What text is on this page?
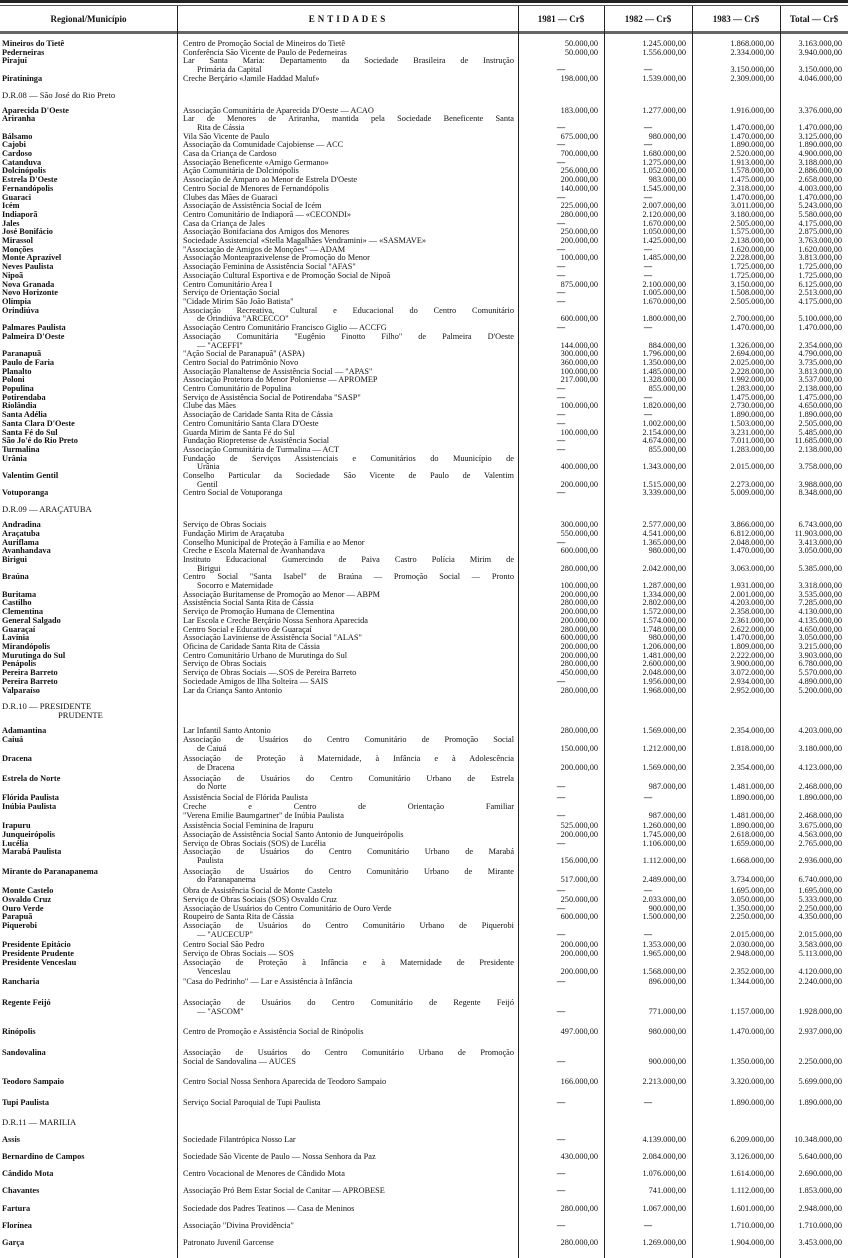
Regional/Município	ENTIDADES	1981 — Cr$	1982 — Cr$	1983 — Cr$	Total — Cr$
Mineiros do Tietê	Centro de Promoção Social de Mineiros do Tietê	50.000,00	1.245.000,00	1.868.000,00	3.163.000,00
Pederneiras	Conferência São Vicente de Paulo de Pederneiras	50.000,00	1.556.000,00	2.334.000,00	3.940.000,00
Pirajuí	Lar Santa Maria: Departamento da Sociedade Brasileira de Instrução
Primária da Capital	—	—	3.150.000,00	3.150.000,00
Piratininga	Creche Berçário «Jamile Haddad Maluf»	198.000,00	1.539.000,00	2.309.000,00	4.046.000,00
D.R.08 — São José do Rio Preto
Aparecida D'Oeste	Associação Comunitária de Aparecida D'Oeste — ACAO	183.000,00	1.277.000,00	1.916.000,00	3.376.000,00
Ariranha	Lar de Menores de Ariranha, mantida pela Sociedade Beneficente Santa
Rita de Cássia	—	—	1.470.000,00	1.470.000,00
Bálsamo	Vila São Vicente de Paulo	675.000,00	980.000,00	1.470.000,00	3.125.000,00
Cajobi	Associação da Comunidade Cajobiense — ACC	—	—	1.890.000,00	1.890.000,00
Cardoso	Casa da Criança de Cardoso	700.000,00	1.680.000,00	2.520.000,00	4.900.000,00
Catanduva	Associação Beneficente «Amigo Germano»	—	1.275.000,00	1.913.000,00	3.188.000,00
Dolcinópolis	Ação Comunitária de Dolcinópolis	256.000,00	1.052.000,00	1.578.000,00	2.886.000,00
Estrela D'Oeste	Associação de Amparo ao Menor de Estrela D'Oeste	200.000,00	983.000,00	1.475.000,00	2.658.000,00
Fernandópolis	Centro Social de Menores de Fernandópolis	140.000,00	1.545.000,00	2.318.000,00	4.003.000,00
Guaraci	Clubes das Mães de Guaraci	—	—	1.470.000,00	1.470.000,00
Icém	Associação de Assistência Social de Icém	225.000,00	2.007.000,00	3.011.000,00	5.243.000,00
Indiaporã	Centro Comunitário de Indiaporã — «CECONDI»	280.000,00	2.120.000,00	3.180.000,00	5.580.000,00
Jales	Casa da Criança de Jales	—	1.670.000,00	2.505.000,00	4.175.000,00
José Bonifácio	Associação Bonifaciana dos Amigos dos Menores	250.000,00	1.050.000,00	1.575.000,00	2.875.000,00
Mirassol	Sociedade Assistencial «Stella Magalhães Vendramini» — «SASMAVE»	200.000,00	1.425.000,00	2.138.000,00	3.763.000,00
Monções	"Associação de Amigos de Monções" — ADAM	—	—	1.620.000,00	1.620.000,00
Monte Aprazível	Associação Monteaprazivelense de Promoção do Menor	100.000,00	1.485.000,00	2.228.000,00	3.813.000,00
Neves Paulista	Associação Feminina de Assistência Social "AFAS"	—	—	1.725.000,00	1.725.000,00
Nipoã	Associação Cultural Esportiva e de Promoção Social de Nipoã	—	—	1.725.000,00	1.725.000,00
Nova Granada	Centro Comunitário Area I	875.000,00	2.100.000,00	3.150.000,00	6.125.000,00
Novo Horizonte	Serviço de Orientação Social	—	1.005.000,00	1.508.000,00	2.513.000,00
Olímpia	"Cidade Mirim São João Batista"	—	1.670.000,00	2.505.000,00	4.175.000,00
Orindiúva	Associação Recreativa, Cultural e Educacional do Centro Comunitário
de Orindiúva "ARCECCO"	600.000,00	1.800.000,00	2.700.000,00	5.100.000,00
Palmares Paulista	Associação Centro Comunitário Francisco Giglio — ACCFG	—	—	1.470.000,00	1.470.000,00
Palmeira D'Oeste	Associação Comunitária "Eugênio Finotto Filho" de Palmeira D'Oeste
— "ACEFFI"	144.000,00	884.000,00	1.326.000,00	2.354.000,00
Paranapuã	"Ação Social de Paranapuã" (ASPA)	300.000,00	1.796.000,00	2.694.000,00	4.790.000,00
Paulo de Faria	Centro Social do Patrimônio Novo	360.000,00	1.350.000,00	2.025.000,00	3.735.000,00
Planalto	Associação Planaltense de Assistência Social — "APAS"	100.000,00	1.485.000,00	2.228.000,00	3.813.000,00
Poloni	Associação Protetora do Menor Poloniense — APROMEP	217.000,00	1.328.000,00	1.992.000,00	3.537.000,00
Populina	Centro Comunitário de Populina	—	855.000,00	1.283.000,00	2.138.000,00
Potirendaba	Serviço de Assistência Social de Potirendaba "SASP"	—	—	1.475.000,00	1.475.000,00
Riolândia	Clube das Mães	100.000,00	1.820.000,00	2.730.000,00	4.650.000,00
Santa Adélia	Associação de Caridade Santa Rita de Cássia	—	—	1.890.000,00	1.890.000,00
Santa Clara D'Oeste	Centro Comunitário Santa Clara D'Oeste	—	1.002.000,00	1.503.000,00	2.505.000,00
Santa Fé do Sul	Guarda Mirim de Santa Fé do Sul	100.000,00	2.154.000,00	3.231.000,00	5.485.000,00
São Jo'é do Rio Preto	Fundação Riopretense de Assistência Social	—	4.674.000,00	7.011.000,00	11.685.000,00
Turmalina	Associação Comunitária de Turmalina — ACT	—	855.000,00	1.283.000,00	2.138.000,00
Urânia	Fundação de Serviços Assistenciais e Comunitários do Muunicípio de
Urânia	400.000,00	1.343.000,00	2.015.000,00	3.758.000,00
Valentim Gentil	Conselho Particular da Sociedade São Vicente de Paulo de Valentim
Gentil	200.000,00	1.515.000,00	2.273.000,00	3.988.000,00
Votuporanga	Centro Social de Votuporanga	—	3.339.000,00	5.009.000,00	8.348.000,00
D.R.09 — ARAÇATUBA
Andradina	Serviço de Obras Sociais	300.000,00	2.577.000,00	3.866.000,00	6.743.000,00
Araçatuba	Fundação Mirim de Araçatuba	550.000,00	4.541.000,00	6.812.000,00	11.903.000,00
Auriflama	Conselho Municipal de Proteção à Família e ao Menor	—	1.365.000,00	2.048.000,00	3.413.000,00
Avanhandava	Creche e Escola Maternal de Avanhandava	600.000,00	980.000,00	1.470.000,00	3.050.000,00
Birigui	Instituto Educacional Gumercindo de Paiva Castro Polícia Mirim de
Birigui	280.000,00	2.042.000,00	3.063.000,00	5.385.000,00
Braúna	Centro Social "Santa Isabel" de Braúna — Promoção Social — Pronto
Socorro e Maternidade	100.000,00	1.287.000,00	1.931.000,00	3.318.000,00
Buritama	Associação Buritamense de Promoção ao Menor — ABPM	200.000,00	1.334.000,00	2.001.000,00	3.535.000,00
Castilho	Assistência Social Santa Rita de Cássia	280.000,00	2.802.000,00	4.203.000,00	7.285.000,00
Clementina	Serviço de Promoção Humana de Clementina	200.000,00	1.572.000,00	2.358.000,00	4.130.000,00
General Salgado	Lar Escola e Creche Berçário Nossa Senhora Aparecida	200.000,00	1.574.000,00	2.361.000,00	4.135.000,00
Guaraçaí	Centro Social e Educativo de Guaraçaí	280.000,00	1.748.000,00	2.622.000,00	4.650.000,00
Lavínia	Associação Laviniense de Assistência Social "ALAS"	600.000,00	980.000,00	1.470.000,00	3.050.000,00
Mirandópolis	Oficina de Caridade Santa Rita de Cássia	200.000,00	1.206.000,00	1.809.000,00	3.215.000,00
Murutinga do Sul	Centro Comunitário Urbano de Murutinga do Sul	200.000,00	1.481.000,00	2.222.000,00	3.903.000,00
Penápolis	Serviço de Obras Sociais	280.000,00	2.600.000,00	3.900.000,00	6.780.000,00
Pereira Barreto	Serviço de Obras Sociais —.SOS de Pereira Barreto	450.000,00	2.048.000,00	3.072.000,00	5.570.000,00
Pereira Barreto	Sociedade Amigos de Ilha Solteira — SAIS	—	1.956.000,00	2.934.000,00	4.890.000,00
Valparaíso	Lar da Criança Santo Antonio	280.000,00	1.968.000,00	2.952.000,00	5.200.000,00
D.R.10 — PRESIDENTE
PRUDENTE
Adamantina	Lar Infantil Santo Antonio	280.000,00	1.569.000,00	2.354.000,00	4.203.000,00
Caiuá	Associação de Usuários do Centro Comunitário de Promoção Social
de Caiuá	150.000,00	1.212.000,00	1.818.000,00	3.180.000,00
Dracena	Associação de Proteção à Maternidade, à Infância e à Adolescência
de Dracena	200.000,00	1.569.000,00	2.354.000,00	4.123.000,00
Estrela do Norte	Associação de Usuários do Centro Comunitário Urbano de Estrela
do Norte	—	987.000,00	1.481.000,00	2.468.000,00
Flórida Paulista	Assistência Social de Flórida Paulista	—	—	1.890.000,00	1.890.000,00
Inúbia Paulista	Creche e Centro de Orientação Familiar
"Verena Emilie Baumgartner" de Inúbia Paulista	—	987.000,00	1.481.000,00	2.468.000,00
Irapuru	Assistência Social Feminina de Irapuru	525.000,00	1.260.000,00	1.890.000,00	3.675.000,00
Junqueirópolis	Associação de Assistência Social Santo Antonio de Junqueirópolis	200.000,00	1.745.000,00	2.618.000,00	4.563.000,00
Lucélia	Serviço de Obras Sociais (SOS) de Lucélia	—	1.106.000,00	1.659.000,00	2.765.000,00
Marabá Paulista	Associação de Usuários do Centro Comunitário Urbano de Marabá
Paulista	156.000,00	1.112.000,00	1.668.000,00	2.936.000,00
Mirante do Paranapanema	Associação de Usuários do Centro Comunitário Urbano de Mirante
do Paranapanema	517.000,00	2.489.000,00	3.734.000,00	6.740.000,00
Monte Castelo	Obra de Assistência Social de Monte Castelo	—	—	1.695.000,00	1.695.000,00
Osvaldo Cruz	Serviço de Obras Sociais (SOS) Osvaldo Cruz	250.000,00	2.033.000,00	3.050.000,00	5.333.000,00
Ouro Verde	Associação de Usuários do Centro Comunitário de Ouro Verde	—	900.000,00	1.350.000,00	2.250.000,00
Parapuã	Roupeiro de Santa Rita de Cássia	600.000,00	1.500.000,00	2.250.000,00	4.350.000,00
Piquerobi	Associação de Usuários do Centro Comunitário Urbano de Piquerobi
— "AUCECUP"	—	—	2.015.000,00	2.015.000,00
Presidente Epitácio	Centro Social São Pedro	200.000,00	1.353.000,00	2.030.000,00	3.583.000,00
Presidente Prudente	Serviço de Obras Sociais — SOS	200.000,00	1.965.000,00	2.948.000,00	5.113.000,00
Presidente Venceslau	Associação de Proteção à Infância e à Maternidade de Presidente
Venceslau	200.000,00	1.568.000,00	2.352.000,00	4.120.000,00
Rancharia	"Casa do Pedrinho" — Lar e Assistência à Infância	—	896.000,00	1.344.000,00	2.240.000,00
Regente Feijó	Associação de Usuários do Centro Comunitário de Regente Feijó
— "ASCOM"	—	771.000,00	1.157.000,00	1.928.000,00
Rinópolis	Centro de Promoção e Assistência Social de Rinópolis	497.000,00	980.000,00	1.470.000,00	2.937.000,00
Sandovalina	Associação de Usuários do Centro Comunitário Urbano de Promoção
Social de Sandovalina — AUCES	—	900.000,00	1.350.000,00	2.250.000,00
Teodoro Sampaio	Centro Social Nossa Senhora Aparecida de Teodoro Sampaio	166.000,00	2.213.000,00	3.320.000,00	5.699.000,00
Tupi Paulista	Serviço Social Paroquial de Tupi Paulista	—	—	1.890.000,00	1.890.000,00
D.R.11 — MARILIA
Assis	Sociedade Filantrópica Nosso Lar	—	4.139.000,00	6.209.000,00	10.348.000,00
Bernardino de Campos	Sociedade São Vicente de Paulo — Nossa Senhora da Paz	430.000,00	2.084.000,00	3.126.000,00	5.640.000,00
Cândido Mota	Centro Vocacional de Menores de Cândido Mota	—	1.076.000,00	1.614.000,00	2.690.000,00
Chavantes	Associação Pró Bem Estar Social de Canitar — APROBESE	—	741.000,00	1.112.000,00	1.853.000,00
Fartura	Sociedade dos Padres Teatinos — Casa de Meninos	280.000,00	1.067.000,00	1.601.000,00	2.948.000,00
Florínea	Associação "Divina Providência"	—	—	1.710.000,00	1.710.000,00
Garça	Patronato Juvenil Garcense	280.000,00	1.269.000,00	1.904.000,00	3.453.000,00
